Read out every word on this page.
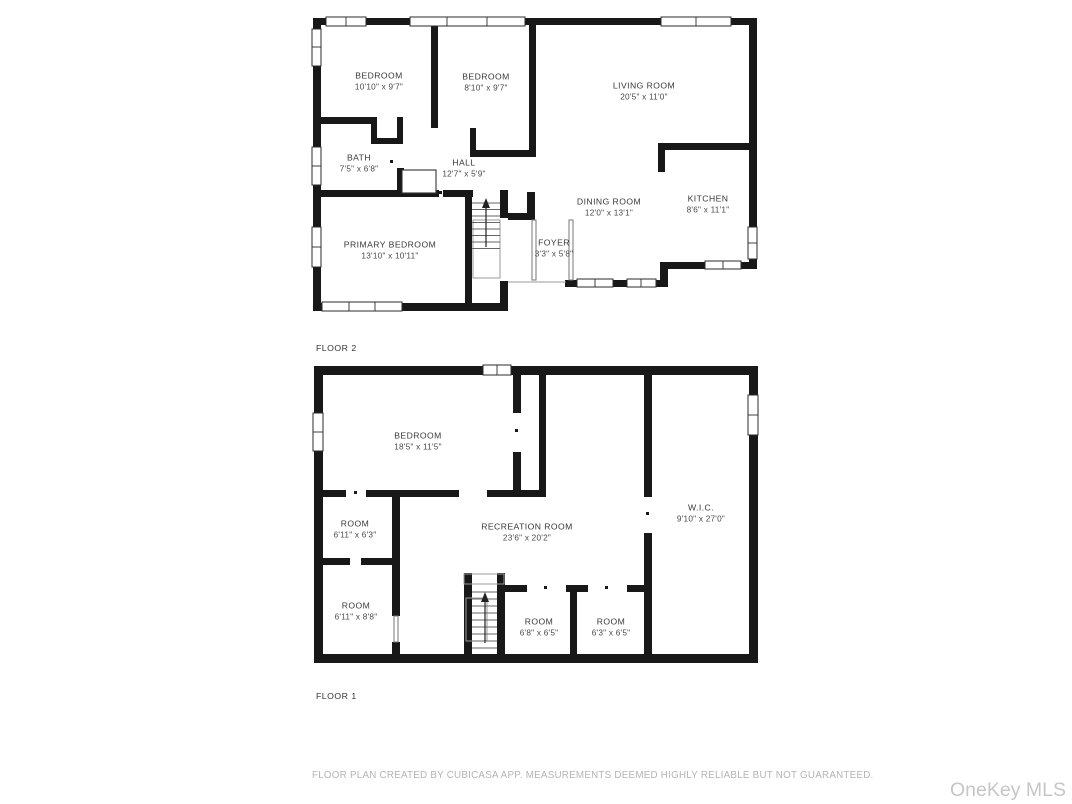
BEDROOM
10'10" x 9'7"
BEDROOM
8'10" x 9'7"	LIVING ROOM
20'5" x 11'0"
BATH
7'5" x 6'8"
HALL
12'7" x 5'9"
DINING ROOM
12'0" x 13'1"
KITCHEN
8'6" x 11'1"
PRIMARY BEDROOM
13'10" x 10'11"
FOYER
3'3" x 5'8"
BEDROOM
18'5" x 11'5"
ROOM
6'11" x 6'3"
RECREATION ROOM
23'6" x 20'2"
W.I.C.
9'10" x 27'0"
ROOM
6'11" x 8'8"	ROOM
6'8" x 6'5"
ROOM
6'3" x 6'5"
FLOOR 2
FLOOR 1
FLOOR PLAN CREATED BY CUBICASA APP. MEASUREMENTS DEEMED HIGHLY RELIABLE BUT NOT GUARANTEED.
OneKey MLS
